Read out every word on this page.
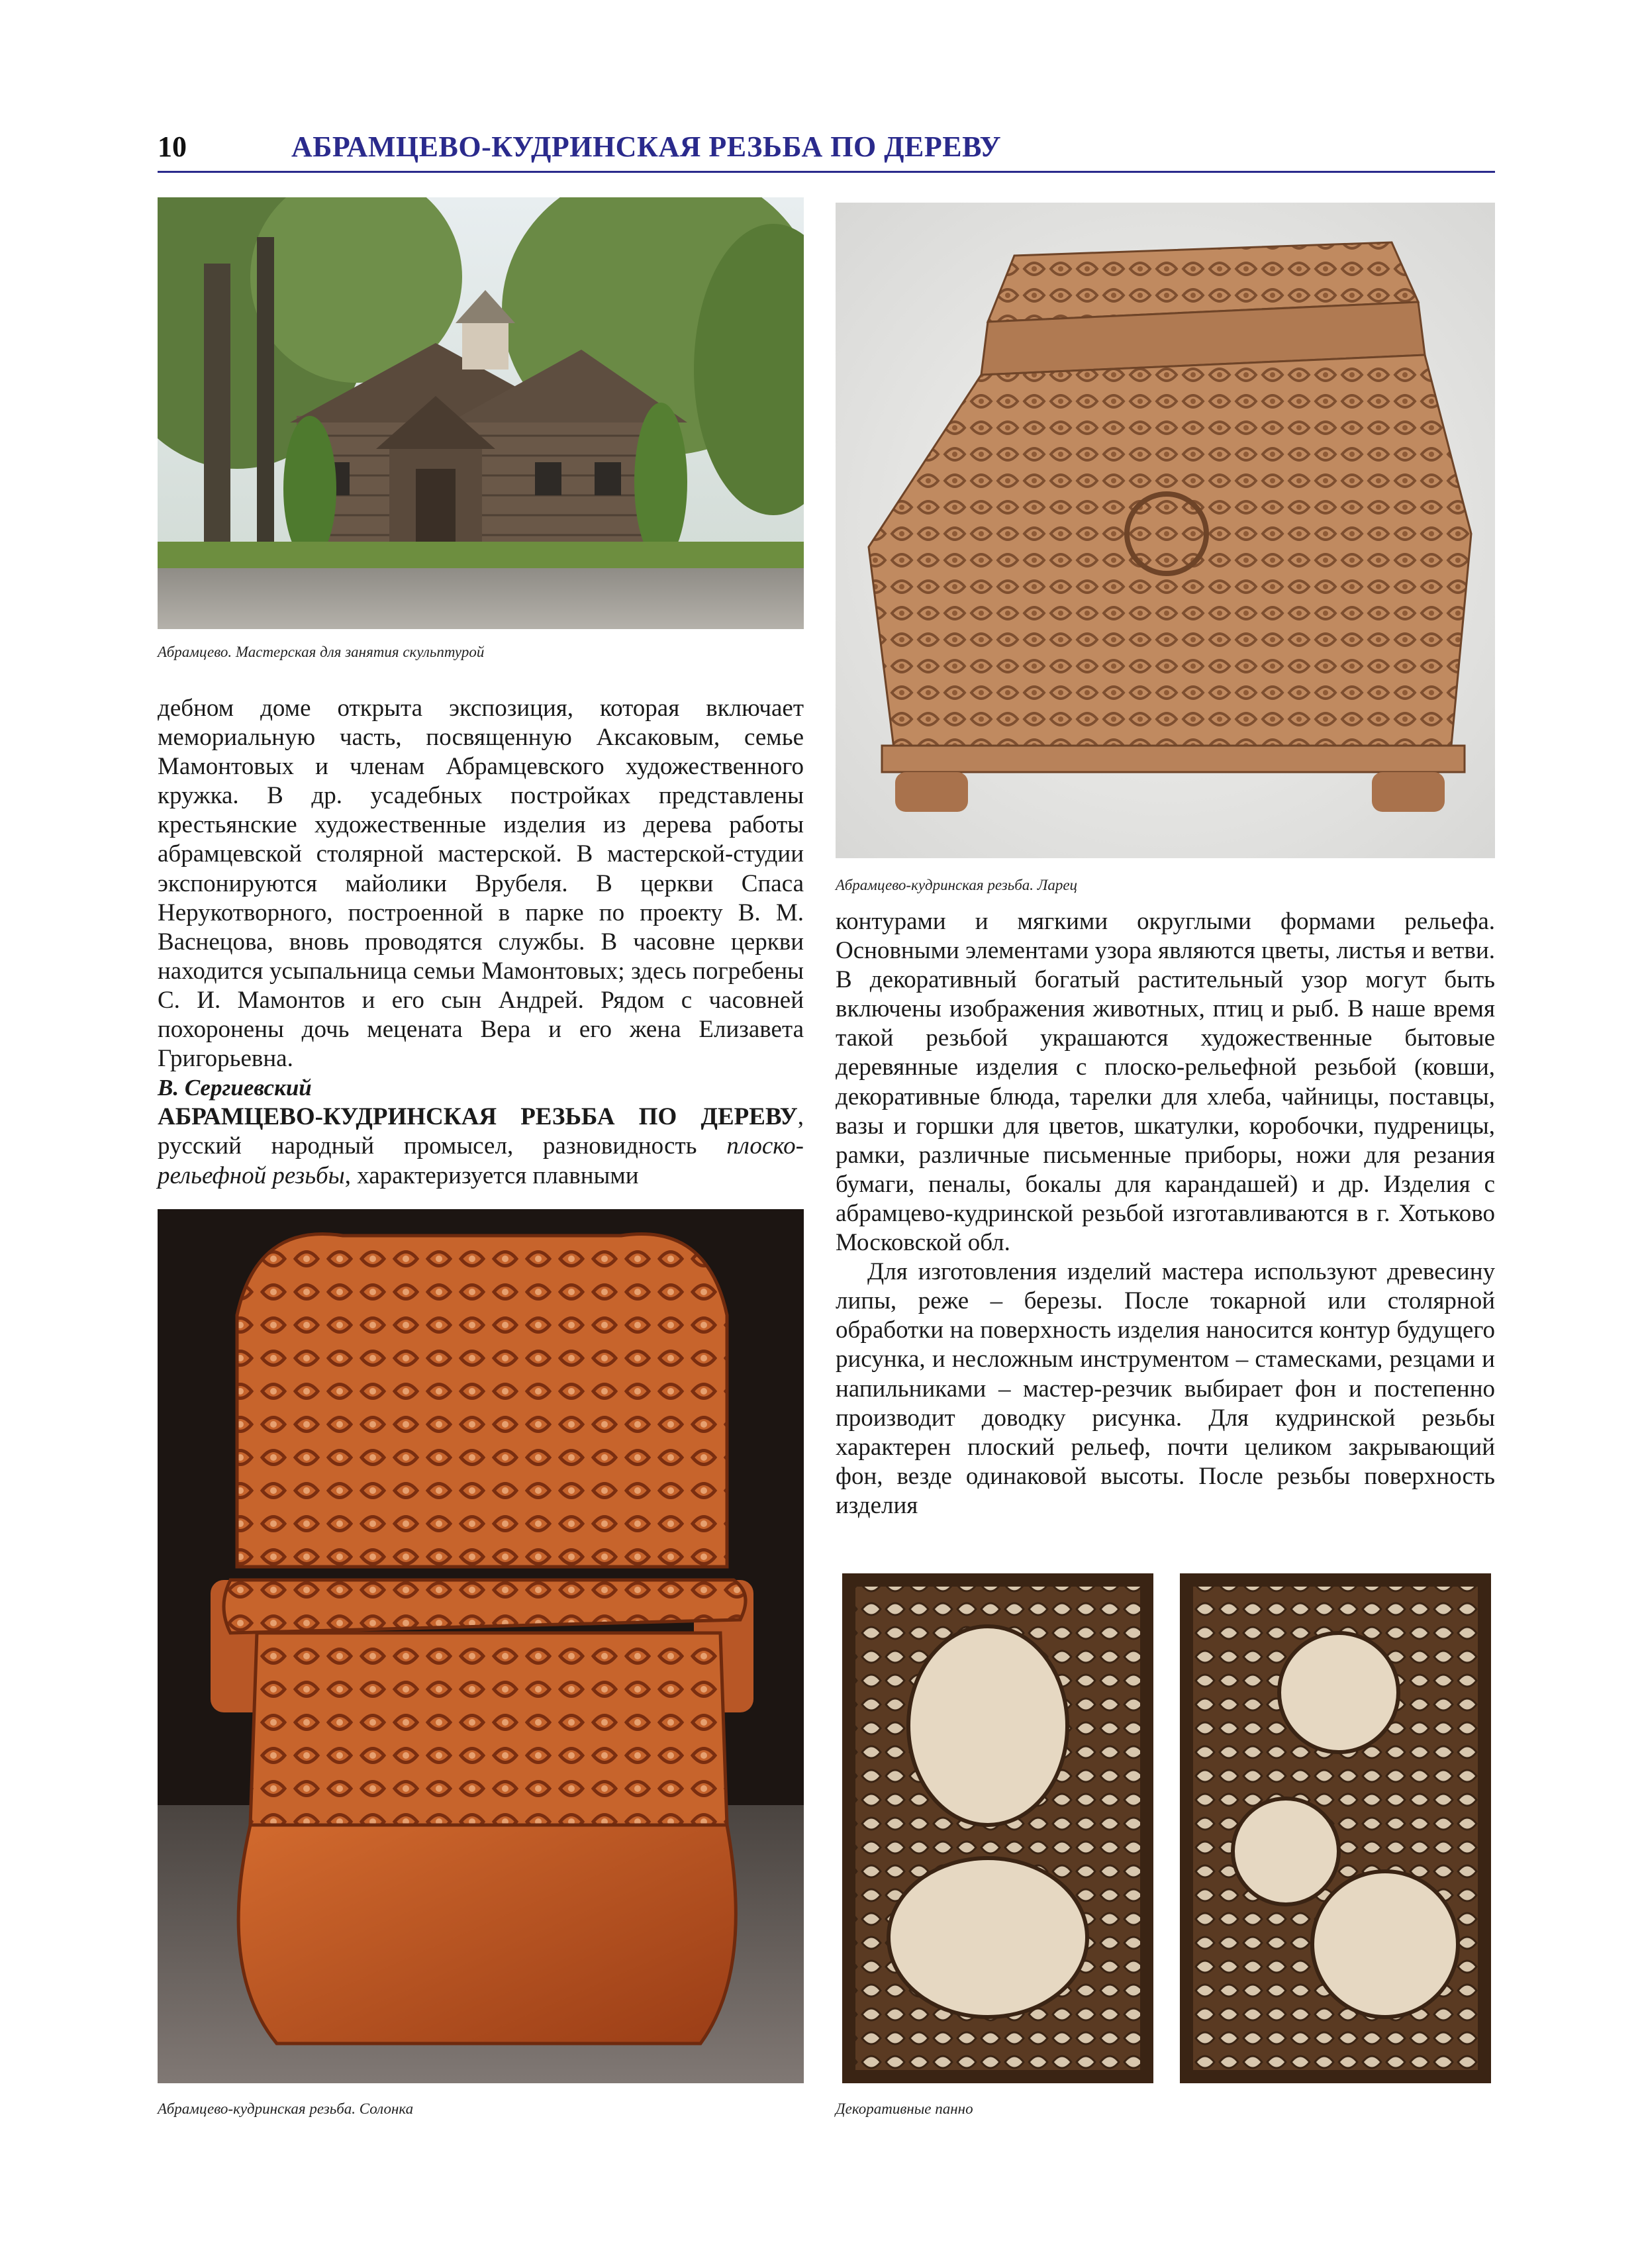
10	АБРАМЦЕВО-КУДРИНСКАЯ РЕЗЬБА ПО ДЕРЕВУ
Абрамцево. Мастерская для занятия скульптурой
Абрамцево-кудринская резьба. Ларец

дебном доме открыта экспозиция, которая включает мемориальную часть, посвященную Аксаковым, семье Мамонтовых и членам Абрамцевского художественного кружка. В др. усадебных постройках представлены крестьянские художественные изделия из дерева работы абрамцевской столярной мастерской. В мастерской-студии экспонируются майолики Врубеля. В церкви Спаса Нерукотворного, построенной в парке по проекту В. М. Васнецова, вновь проводятся службы. В часовне церкви находится усыпальница семьи Мамонтовых; здесь погребены С. И. Мамонтов и его сын Андрей. Рядом с часовней похоронены дочь мецената Вера и его жена Елизавета Григорьевна.

В. Сергиевский

АБРАМЦЕВО-КУДРИНСКАЯ РЕЗЬБА ПО ДЕРЕВУ, русский народный промысел, разновидность плоско-рельефной резьбы, характеризуется плавными

контурами и мягкими округлыми формами рельефа. Основными элементами узора являются цветы, листья и ветви. В декоративный богатый растительный узор могут быть включены изображения животных, птиц и рыб. В наше время такой резьбой украшаются художественные бытовые деревянные изделия с плоско-рельефной резьбой (ковши, декоративные блюда, тарелки для хлеба, чайницы, поставцы, вазы и горшки для цветов, шкатулки, коробочки, пудреницы, рамки, различные письменные приборы, ножи для резания бумаги, пеналы, бокалы для карандашей) и др. Изделия с абрамцево-кудринской резьбой изготавливаются в г. Хотьково Московской обл.

Для изготовления изделий мастера используют древесину липы, реже – березы. После токарной или столярной обработки на поверхность изделия наносится контур будущего рисунка, и несложным инструментом – стамесками, резцами и напильниками – мастер-резчик выбирает фон и постепенно производит доводку рисунка. Для кудринской резьбы характерен плоский рельеф, почти целиком закрывающий фон, везде одинаковой высоты. После резьбы поверхность изделия

Абрамцево-кудринская резьба. Солонка	Декоративные панно
